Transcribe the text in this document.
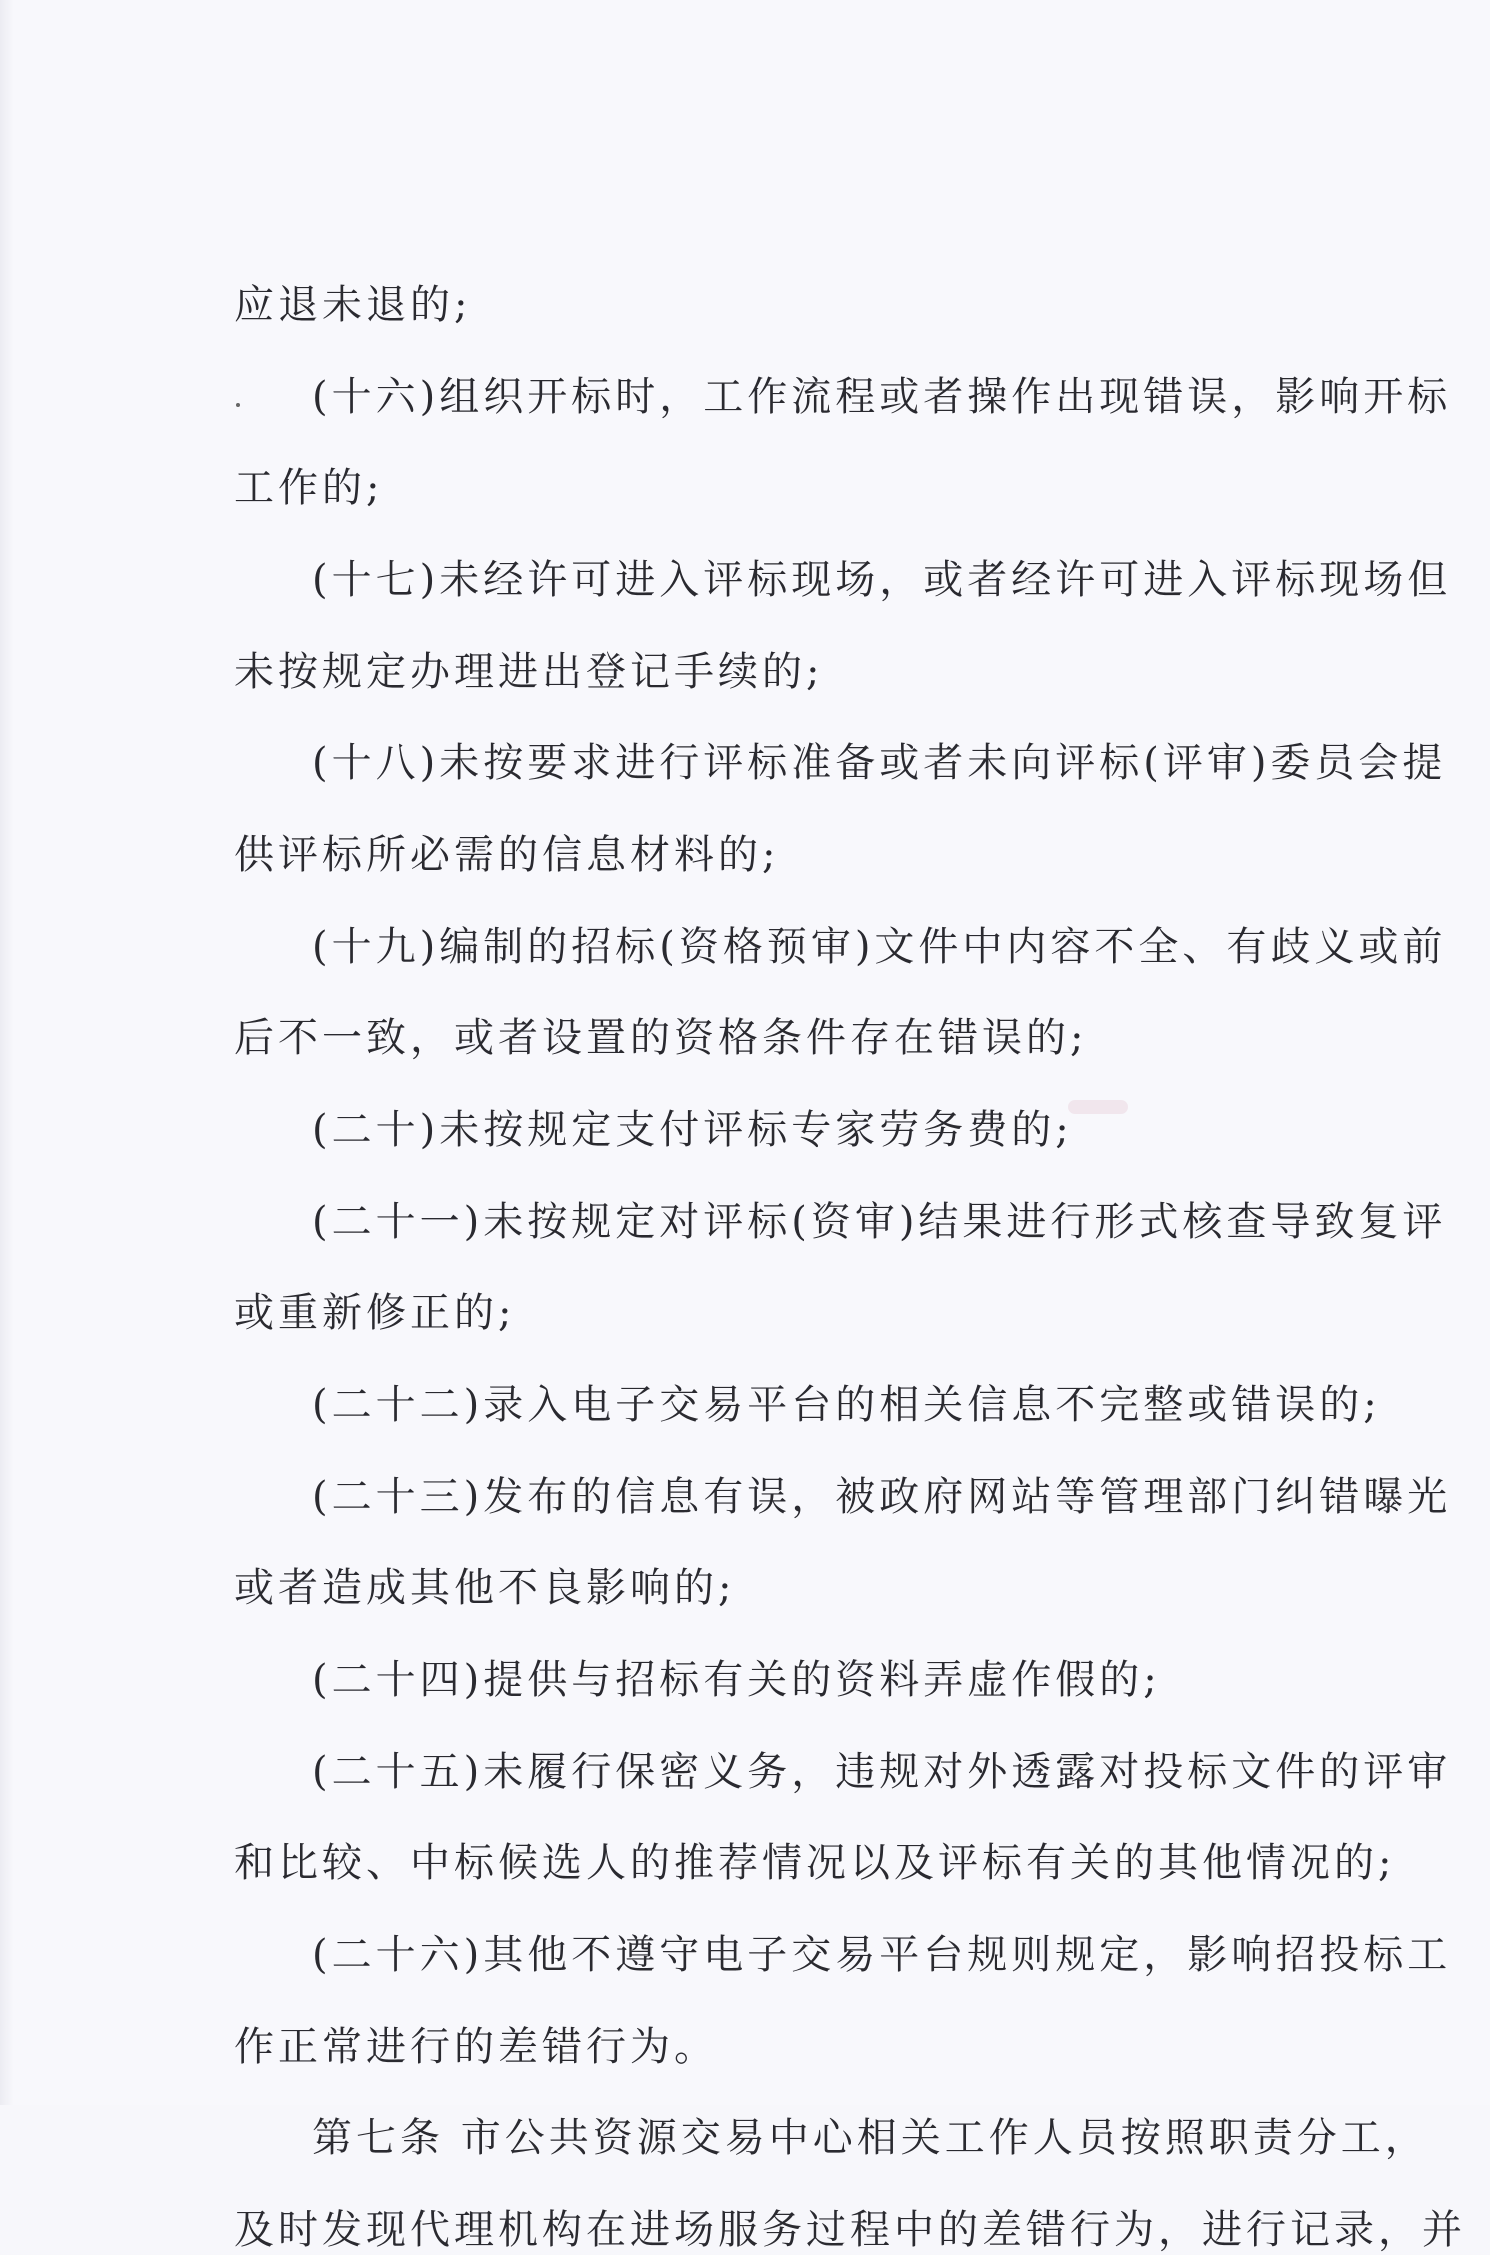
应退未退的;
(十六)组织开标时，工作流程或者操作出现错误，影响开标
工作的;
(十七)未经许可进入评标现场，或者经许可进入评标现场但
未按规定办理进出登记手续的;
(十八)未按要求进行评标准备或者未向评标(评审)委员会提
供评标所必需的信息材料的;
(十九)编制的招标(资格预审)文件中内容不全、有歧义或前
后不一致，或者设置的资格条件存在错误的;
(二十)未按规定支付评标专家劳务费的;
(二十一)未按规定对评标(资审)结果进行形式核查导致复评
或重新修正的;
(二十二)录入电子交易平台的相关信息不完整或错误的;
(二十三)发布的信息有误，被政府网站等管理部门纠错曝光
或者造成其他不良影响的;
(二十四)提供与招标有关的资料弄虚作假的;
(二十五)未履行保密义务，违规对外透露对投标文件的评审
和比较、中标候选人的推荐情况以及评标有关的其他情况的;
(二十六)其他不遵守电子交易平台规则规定，影响招投标工
作正常进行的差错行为。
第七条 市公共资源交易中心相关工作人员按照职责分工，
及时发现代理机构在进场服务过程中的差错行为，进行记录，并
